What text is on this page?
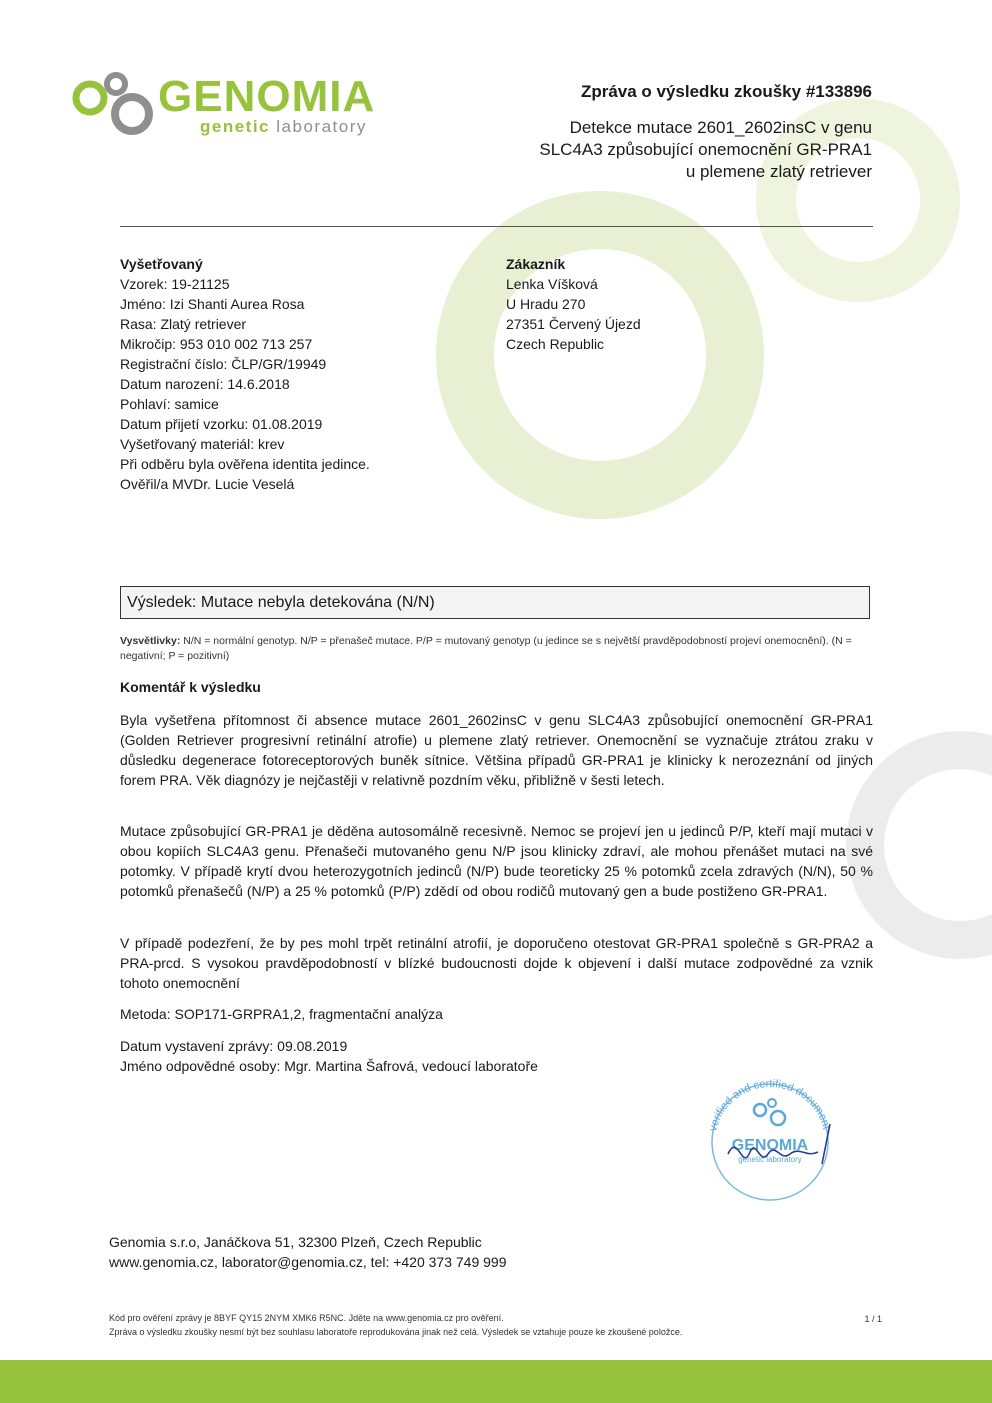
GENOMIA
genetic laboratory
Zpráva o výsledku zkoušky #133896
Detekce mutace 2601_2602insC v genu
SLC4A3 způsobující onemocnění GR-PRA1
u plemene zlatý retriever
Vyšetřovaný
Vzorek: 19-21125
Jméno: Izi Shanti Aurea Rosa
Rasa: Zlatý retriever
Mikročip: 953 010 002 713 257
Registrační číslo: ČLP/GR/19949
Datum narození: 14.6.2018
Pohlaví: samice
Datum přijetí vzorku: 01.08.2019
Vyšetřovaný materiál: krev
Při odběru byla ověřena identita jedince.
Ověřil/a MVDr. Lucie Veselá
Zákazník
Lenka Víšková
U Hradu 270
27351 Červený Újezd
Czech Republic
Výsledek: Mutace nebyla detekována (N/N)
Vysvětlivky: N/N = normální genotyp. N/P = přenašeč mutace. P/P = mutovaný genotyp (u jedince se s největší pravděpodobností projeví onemocnění). (N = negativní; P = pozitivní)
Komentář k výsledku
Byla vyšetřena přítomnost či absence mutace 2601_2602insC v genu SLC4A3 způsobující onemocnění GR-PRA1 (Golden Retriever progresivní retinální atrofie) u plemene zlatý retriever. Onemocnění se vyznačuje ztrátou zraku v důsledku degenerace fotoreceptorových buněk sítnice. Většina případů GR-PRA1 je klinicky k nerozeznání od jiných forem PRA. Věk diagnózy je nejčastěji v relativně pozdním věku, přibližně v šesti letech.
Mutace způsobující GR-PRA1 je děděna autosomálně recesivně. Nemoc se projeví jen u jedinců P/P, kteří mají mutaci v obou kopiích SLC4A3 genu. Přenašeči mutovaného genu N/P jsou klinicky zdraví, ale mohou přenášet mutaci na své potomky. V případě krytí dvou heterozygotních jedinců (N/P) bude teoreticky 25 % potomků zcela zdravých (N/N), 50 % potomků přenašečů (N/P) a 25 % potomků (P/P) zdědí od obou rodičů mutovaný gen a bude postiženo GR-PRA1.
V případě podezření, že by pes mohl trpět retinální atrofií, je doporučeno otestovat GR-PRA1 společně s GR-PRA2 a PRA-prcd. S vysokou pravděpodobností v blízké budoucnosti dojde k objevení i další mutace zodpovědné za vznik tohoto onemocnění
Metoda: SOP171-GRPRA1,2, fragmentační analýza
Datum vystavení zprávy: 09.08.2019
Jméno odpovědné osoby: Mgr. Martina Šafrová, vedoucí laboratoře
verified and certified document
GENOMIA
genetic laboratory
Genomia s.r.o, Janáčkova 51, 32300 Plzeň, Czech Republic
www.genomia.cz, laborator@genomia.cz, tel: +420 373 749 999
Kód pro ověření zprávy je 8BYF QY15 2NYM XMK6 R5NC. Jděte na www.genomia.cz pro ověření.
Zpráva o výsledku zkoušky nesmí být bez souhlasu laboratoře reprodukována jinak než celá. Výsledek se vztahuje pouze ke zkoušené položce.
1 / 1
